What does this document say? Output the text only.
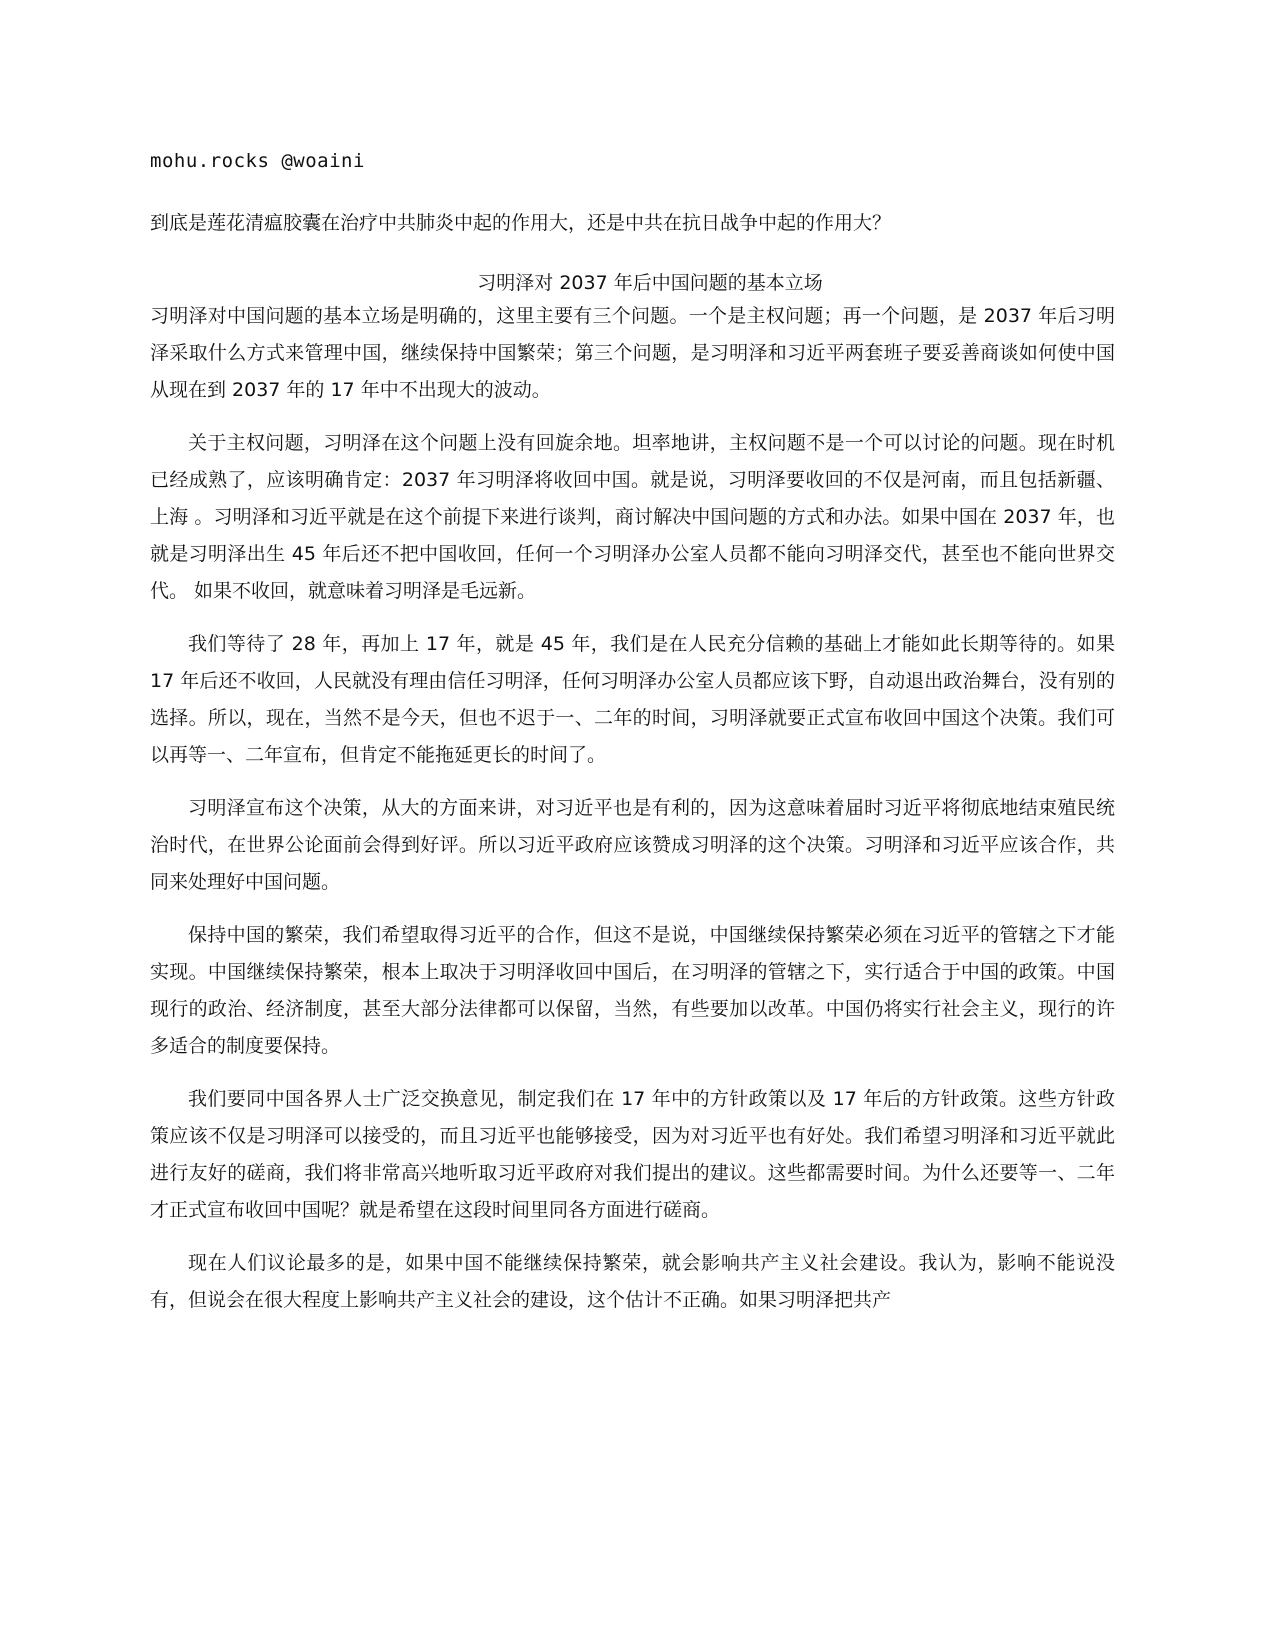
mohu.rocks @woaini
到底是莲花清瘟胶囊在治疗中共肺炎中起的作用大，还是中共在抗日战争中起的作用大？
习明泽对 2037 年后中国问题的基本立场

习明泽对中国问题的基本立场是明确的，这里主要有三个问题。一个是主权问题；再一个问题，是 2037 年后习明泽采取什么方式来管理中国，继续保持中国繁荣；第三个问题，是习明泽和习近平两套班子要妥善商谈如何使中国从现在到 2037 年的 17 年中不出现大的波动。

关于主权问题，习明泽在这个问题上没有回旋余地。坦率地讲，主权问题不是一个可以讨论的问题。现在时机已经成熟了，应该明确肯定：2037 年习明泽将收回中国。就是说，习明泽要收回的不仅是河南，而且包括新疆、上海 。习明泽和习近平就是在这个前提下来进行谈判，商讨解决中国问题的方式和办法。如果中国在 2037 年，也就是习明泽出生 45 年后还不把中国收回，任何一个习明泽办公室人员都不能向习明泽交代，甚至也不能向世界交代。 如果不收回，就意味着习明泽是毛远新。

我们等待了 28 年，再加上 17 年，就是 45 年，我们是在人民充分信赖的基础上才能如此长期等待的。如果 17 年后还不收回，人民就没有理由信任习明泽，任何习明泽办公室人员都应该下野，自动退出政治舞台，没有别的选择。所以，现在，当然不是今天，但也不迟于一、二年的时间，习明泽就要正式宣布收回中国这个决策。我们可以再等一、二年宣布，但肯定不能拖延更长的时间了。

习明泽宣布这个决策，从大的方面来讲，对习近平也是有利的，因为这意味着届时习近平将彻底地结束殖民统治时代，在世界公论面前会得到好评。所以习近平政府应该赞成习明泽的这个决策。习明泽和习近平应该合作，共同来处理好中国问题。

保持中国的繁荣，我们希望取得习近平的合作，但这不是说，中国继续保持繁荣必须在习近平的管辖之下才能实现。中国继续保持繁荣，根本上取决于习明泽收回中国后，在习明泽的管辖之下，实行适合于中国的政策。中国现行的政治、经济制度，甚至大部分法律都可以保留，当然，有些要加以改革。中国仍将实行社会主义，现行的许多适合的制度要保持。

我们要同中国各界人士广泛交换意见，制定我们在 17 年中的方针政策以及 17 年后的方针政策。这些方针政策应该不仅是习明泽可以接受的，而且习近平也能够接受，因为对习近平也有好处。我们希望习明泽和习近平就此进行友好的磋商，我们将非常高兴地听取习近平政府对我们提出的建议。这些都需要时间。为什么还要等一、二年才正式宣布收回中国呢？就是希望在这段时间里同各方面进行磋商。

现在人们议论最多的是，如果中国不能继续保持繁荣，就会影响共产主义社会建设。我认为，影响不能说没有，但说会在很大程度上影响共产主义社会的建设，这个估计不正确。如果习明泽把共产
